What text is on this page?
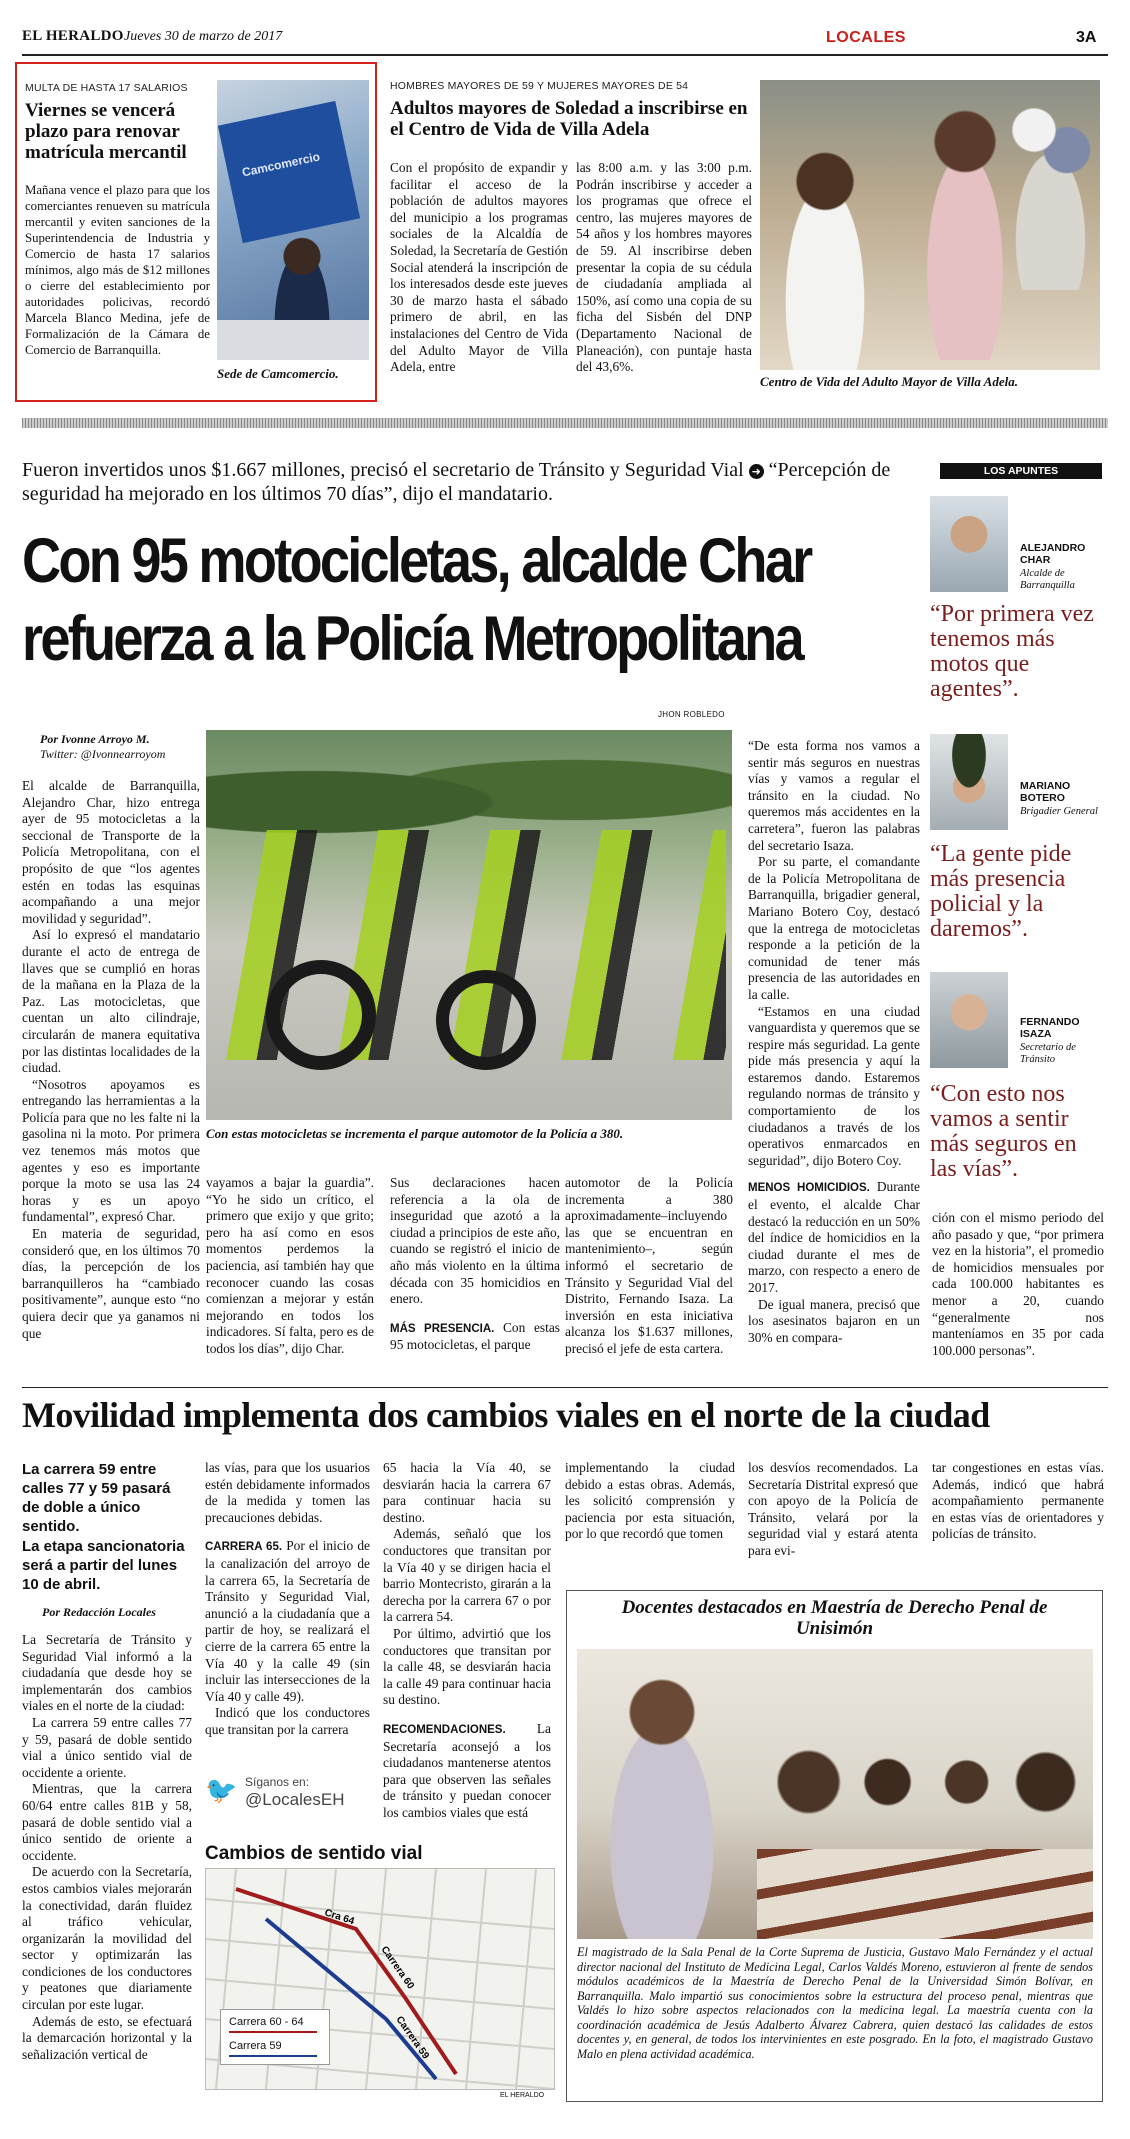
EL HERALDO Jueves 30 de marzo de 2017	LOCALES	3A
MULTA DE HASTA 17 SALARIOS
Viernes se vencerá plazo para renovar matrícula mercantil

Mañana vence el plazo para que los comerciantes renueven su matrícula mercantil y eviten sanciones de la Superintendencia de Industria y Comercio de hasta 17 salarios mínimos, algo más de $12 millones o cierre del establecimiento por autoridades policivas, recordó Marcela Blanco Medina, jefe de Formalización de la Cámara de Comercio de Barranquilla.

Camcomercio
Sede de Camcomercio.
HOMBRES MAYORES DE 59 Y MUJERES MAYORES DE 54
Adultos mayores de Soledad a inscribirse en el Centro de Vida de Villa Adela

Con el propósito de expandir y facilitar el acceso de la población de adultos mayores del municipio a los programas sociales de la Alcaldía de Soledad, la Secretaría de Gestión Social atenderá la inscripción de los interesados desde este jueves 30 de marzo hasta el sábado primero de abril, en las instalaciones del Centro de Vida del Adulto Mayor de Villa Adela, entre

las 8:00 a.m. y las 3:00 p.m. Podrán inscribirse y acceder a los programas que ofrece el centro, las mujeres mayores de 54 años y los hombres mayores de 59. Al inscribirse deben presentar la copia de su cédula de ciudadanía ampliada al 150%, así como una copia de su ficha del Sisbén del DNP (Departamento Nacional de Planeación), con puntaje hasta del 43,6%.

Centro de Vida del Adulto Mayor de Villa Adela.
Fueron invertidos unos $1.667 millones, precisó el secretario de Tránsito y Seguridad Vial ➜ “Percepción de seguridad ha mejorado en los últimos 70 días”, dijo el mandatario.
Con 95 motocicletas, alcalde Char
refuerza a la Policía Metropolitana
JHON ROBLEDO
Por Ivonne Arroyo M.
Twitter: @Ivonnearroyom

El alcalde de Barranquilla, Alejandro Char, hizo entrega ayer de 95 motocicletas a la seccional de Transporte de la Policía Metropolitana, con el propósito de que “los agentes estén en todas las esquinas acompañando a una mejor movilidad y seguridad”.

Así lo expresó el mandatario durante el acto de entrega de llaves que se cumplió en horas de la mañana en la Plaza de la Paz. Las motocicletas, que cuentan un alto cilindraje, circularán de manera equitativa por las distintas localidades de la ciudad.

“Nosotros apoyamos es entregando las herramientas a la Policía para que no les falte ni la gasolina ni la moto. Por primera vez tenemos más motos que agentes y eso es importante porque la moto se usa las 24 horas y es un apoyo fundamental”, expresó Char.

En materia de seguridad, consideró que, en los últimos 70 días, la percepción de los barranquilleros ha “cambiado positivamente”, aunque esto “no quiera decir que ya ganamos ni que

Con estas motocicletas se incrementa el parque automotor de la Policía a 380.

vayamos a bajar la guardia”. “Yo he sido un crítico, el primero que exijo y que grito; pero ha así como en esos momentos perdemos la paciencia, así también hay que reconocer cuando las cosas comienzan a mejorar y están mejorando en todos los indicadores. Sí falta, pero es de todos los días”, dijo Char.

Sus declaraciones hacen referencia a la ola de inseguridad que azotó a la ciudad a principios de este año, cuando se registró el inicio de año más violento en la última década con 35 homicidios en enero.

MÁS PRESENCIA. Con estas 95 motocicletas, el parque

automotor de la Policía incrementa a 380 aproximadamente–incluyendo las que se encuentran en mantenimiento–, según informó el secretario de Tránsito y Seguridad Vial del Distrito, Fernando Isaza. La inversión en esta iniciativa alcanza los $1.637 millones, precisó el jefe de esta cartera.

“De esta forma nos vamos a sentir más seguros en nuestras vías y vamos a regular el tránsito en la ciudad. No queremos más accidentes en la carretera”, fueron las palabras del secretario Isaza.

Por su parte, el comandante de la Policía Metropolitana de Barranquilla, brigadier general, Mariano Botero Coy, destacó que la entrega de motocicletas responde a la petición de la comunidad de tener más presencia de las autoridades en la calle.

“Estamos en una ciudad vanguardista y queremos que se respire más seguridad. La gente pide más presencia y aquí la estaremos dando. Estaremos regulando normas de tránsito y comportamiento de los ciudadanos a través de los operativos enmarcados en seguridad”, dijo Botero Coy.

MENOS HOMICIDIOS. Durante el evento, el alcalde Char destacó la reducción en un 50% del índice de homicidios en la ciudad durante el mes de marzo, con respecto a enero de 2017.

De igual manera, precisó que los asesinatos bajaron en un 30% en compara-

ción con el mismo periodo del año pasado y que, “por primera vez en la historia”, el promedio de homicidios mensuales por cada 100.000 habitantes es menor a 20, cuando “generalmente nos manteníamos en 35 por cada 100.000 personas”.

LOS APUNTES
ALEJANDRO CHAR
Alcalde de Barranquilla
“Por primera vez tenemos más motos que agentes”.
MARIANO BOTERO
Brigadier General
“La gente pide más presencia policial y la daremos”.
FERNANDO ISAZA
Secretario de Tránsito
“Con esto nos vamos a sentir más seguros en las vías”.
Movilidad implementa dos cambios viales en el norte de la ciudad
La carrera 59 entre calles 77 y 59 pasará de doble a único sentido.
La etapa sancionatoria será a partir del lunes 10 de abril.
Por Redacción Locales

La Secretaría de Tránsito y Seguridad Vial informó a la ciudadanía que desde hoy se implementarán dos cambios viales en el norte de la ciudad:

La carrera 59 entre calles 77 y 59, pasará de doble sentido vial a único sentido vial de occidente a oriente.

Mientras, que la carrera 60/64 entre calles 81B y 58, pasará de doble sentido vial a único sentido de oriente a occidente.

De acuerdo con la Secretaría, estos cambios viales mejorarán la conectividad, darán fluidez al tráfico vehicular, organizarán la movilidad del sector y optimizarán las condiciones de los conductores y peatones que diariamente circulan por este lugar.

Además de esto, se efectuará la demarcación horizontal y la señalización vertical de

las vías, para que los usuarios estén debidamente informados de la medida y tomen las precauciones debidas.

CARRERA 65. Por el inicio de la canalización del arroyo de la carrera 65, la Secretaría de Tránsito y Seguridad Vial, anunció a la ciudadanía que a partir de hoy, se realizará el cierre de la carrera 65 entre la Vía 40 y la calle 49 (sin incluir las intersecciones de la Vía 40 y calle 49).

Indicó que los conductores que transitan por la carrera

65 hacia la Vía 40, se desviarán hacia la carrera 67 para continuar hacia su destino.

Además, señaló que los conductores que transitan por la Vía 40 y se dirigen hacia el barrio Montecristo, girarán a la derecha por la carrera 67 o por la carrera 54.

Por último, advirtió que los conductores que transitan por la calle 48, se desviarán hacia la calle 49 para continuar hacia su destino.

RECOMENDACIONES. La Secretaría aconsejó a los ciudadanos mantenerse atentos para que observen las señales de tránsito y puedan conocer los cambios viales que está

implementando la ciudad debido a estas obras. Además, les solicitó comprensión y paciencia por esta situación, por lo que recordó que tomen

los desvíos recomendados. La Secretaría Distrital expresó que con apoyo de la Policía de Tránsito, velará por la seguridad vial y estará atenta para evi-

tar congestiones en estas vías. Además, indicó que habrá acompañamiento permanente en estas vías de orientadores y policías de tránsito.

🐦 Síganos en:
@LocalesEH
Cambios de sentido vial
Cra 64
Carrera 60
Carrera 59
Carrera 60 - 64
Carrera 59
EL HERALDO
Docentes destacados en Maestría de Derecho Penal de Unisimón
El magistrado de la Sala Penal de la Corte Suprema de Justicia, Gustavo Malo Fernández y el actual director nacional del Instituto de Medicina Legal, Carlos Valdés Moreno, estuvieron al frente de sendos módulos académicos de la Maestría de Derecho Penal de la Universidad Simón Bolívar, en Barranquilla. Malo impartió sus conocimientos sobre la estructura del proceso penal, mientras que Valdés lo hizo sobre aspectos relacionados con la medicina legal. La maestría cuenta con la coordinación académica de Jesús Adalberto Álvarez Cabrera, quien destacó las calidades de estos docentes y, en general, de todos los intervinientes en este posgrado. En la foto, el magistrado Gustavo Malo en plena actividad académica.
